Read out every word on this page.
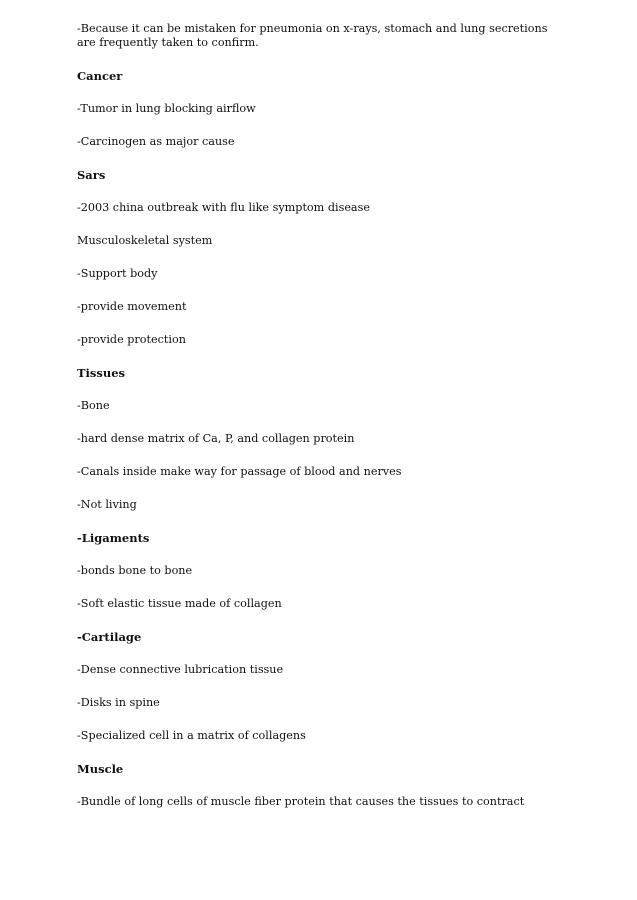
-Because it can be mistaken for pneumonia on x-rays, stomach and lung secretions are frequently taken to confirm.

Cancer

-Tumor in lung blocking airflow

-Carcinogen as major cause

Sars

-2003 china outbreak with flu like symptom disease

Musculoskeletal system

-Support body

-provide movement

-provide protection

Tissues

-Bone

-hard dense matrix of Ca, P, and collagen protein

-Canals inside make way for passage of blood and nerves

-Not living

-Ligaments

-bonds bone to bone

-Soft elastic tissue made of collagen

-Cartilage

-Dense connective lubrication tissue

-Disks in spine

-Specialized cell in a matrix of collagens

Muscle

-Bundle of long cells of muscle fiber protein that causes the tissues to contract
